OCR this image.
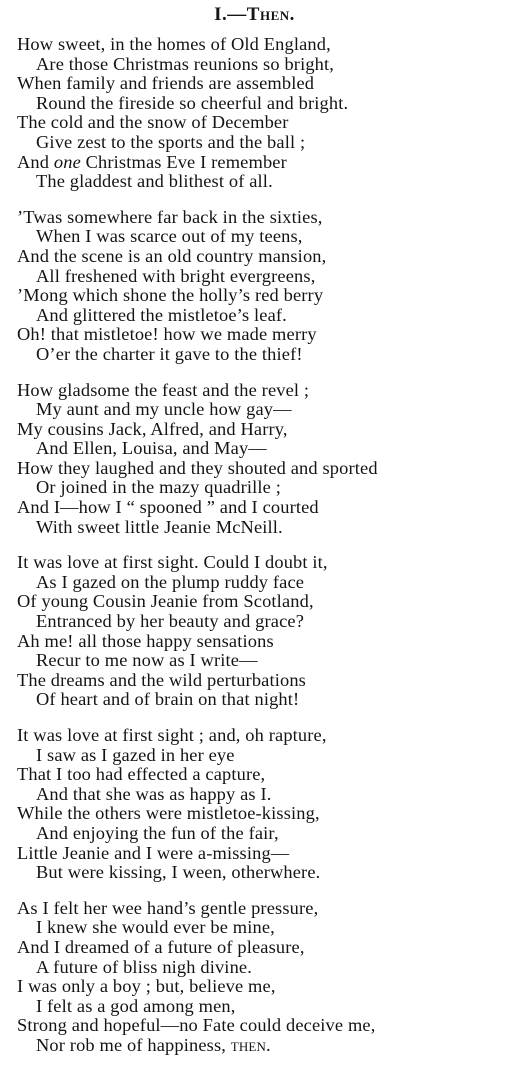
I.—Then.
How sweet, in the homes of Old England,
Are those Christmas reunions so bright,
When family and friends are assembled
Round the fireside so cheerful and bright.
The cold and the snow of December
Give zest to the sports and the ball ;
And one Christmas Eve I remember
The gladdest and blithest of all.
’Twas somewhere far back in the sixties,
When I was scarce out of my teens,
And the scene is an old country mansion,
All freshened with bright evergreens,
’Mong which shone the holly’s red berry
And glittered the mistletoe’s leaf.
Oh! that mistletoe! how we made merry
O’er the charter it gave to the thief!
How gladsome the feast and the revel ;
My aunt and my uncle how gay—
My cousins Jack, Alfred, and Harry,
And Ellen, Louisa, and May—
How they laughed and they shouted and sported
Or joined in the mazy quadrille ;
And I—how I “ spooned ” and I courted
With sweet little Jeanie McNeill.
It was love at first sight. Could I doubt it,
As I gazed on the plump ruddy face
Of young Cousin Jeanie from Scotland,
Entranced by her beauty and grace?
Ah me! all those happy sensations
Recur to me now as I write—
The dreams and the wild perturbations
Of heart and of brain on that night!
It was love at first sight ; and, oh rapture,
I saw as I gazed in her eye
That I too had effected a capture,
And that she was as happy as I.
While the others were mistletoe-kissing,
And enjoying the fun of the fair,
Little Jeanie and I were a-missing—
But were kissing, I ween, otherwhere.
As I felt her wee hand’s gentle pressure,
I knew she would ever be mine,
And I dreamed of a future of pleasure,
A future of bliss nigh divine.
I was only a boy ; but, believe me,
I felt as a god among men,
Strong and hopeful—no Fate could deceive me,
Nor rob me of happiness, then.
